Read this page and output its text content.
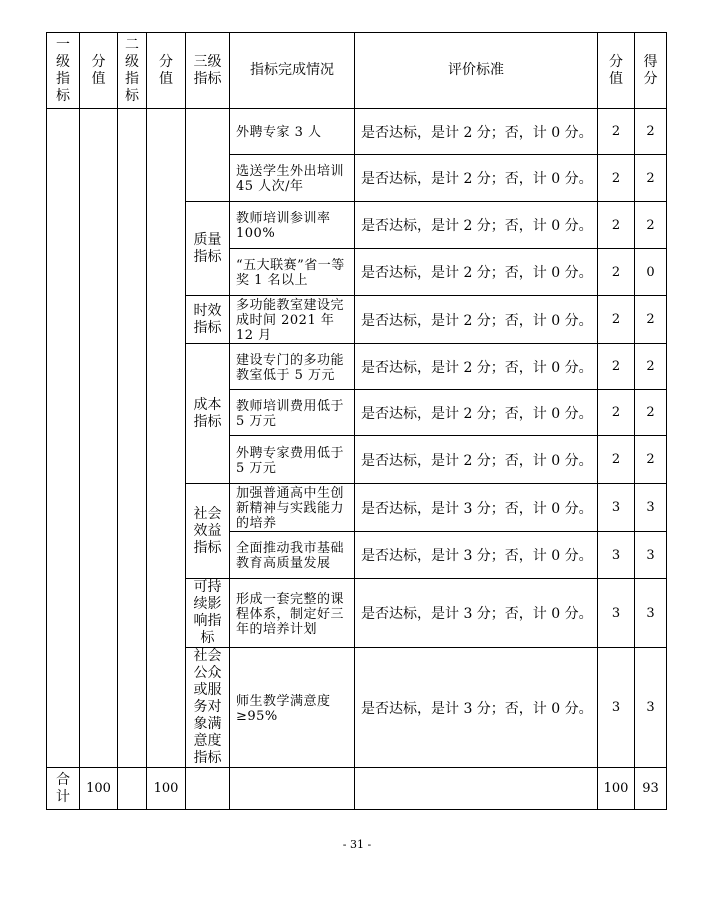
一级指标	分值	二级指标	分值	三级指标	指标完成情况	评价标准	分值	得分

					外聘专家 3 人	是否达标，是计 2 分；否，计 0 分。	2	2
					选送学生外出培训 45 人次/年	是否达标，是计 2 分；否，计 0 分。	2	2

				质量指标	教师培训参训率 100%	是否达标，是计 2 分；否，计 0 分。	2	2
					“五大联赛”省一等奖 1 名以上	是否达标，是计 2 分；否，计 0 分。	2	0

				时效指标	多功能教室建设完成时间 2021 年 12 月	是否达标，是计 2 分；否，计 0 分。	2	2

				成本指标	建设专门的多功能教室低于 5 万元	是否达标，是计 2 分；否，计 0 分。	2	2
					教师培训费用低于 5 万元	是否达标，是计 2 分；否，计 0 分。	2	2
					外聘专家费用低于 5 万元	是否达标，是计 2 分；否，计 0 分。	2	2

				社会效益指标	加强普通高中生创新精神与实践能力的培养	是否达标，是计 3 分；否，计 0 分。	3	3
					全面推动我市基础教育高质量发展	是否达标，是计 3 分；否，计 0 分。	3	3

				可持续影响指标	形成一套完整的课程体系，制定好三年的培养计划	是否达标，是计 3 分；否，计 0 分。	3	3

				社会公众或服务对象满意度指标	师生教学满意度 ≥95%	是否达标，是计 3 分；否，计 0 分。	3	3

合计	100		100				100	93
- 31 -
